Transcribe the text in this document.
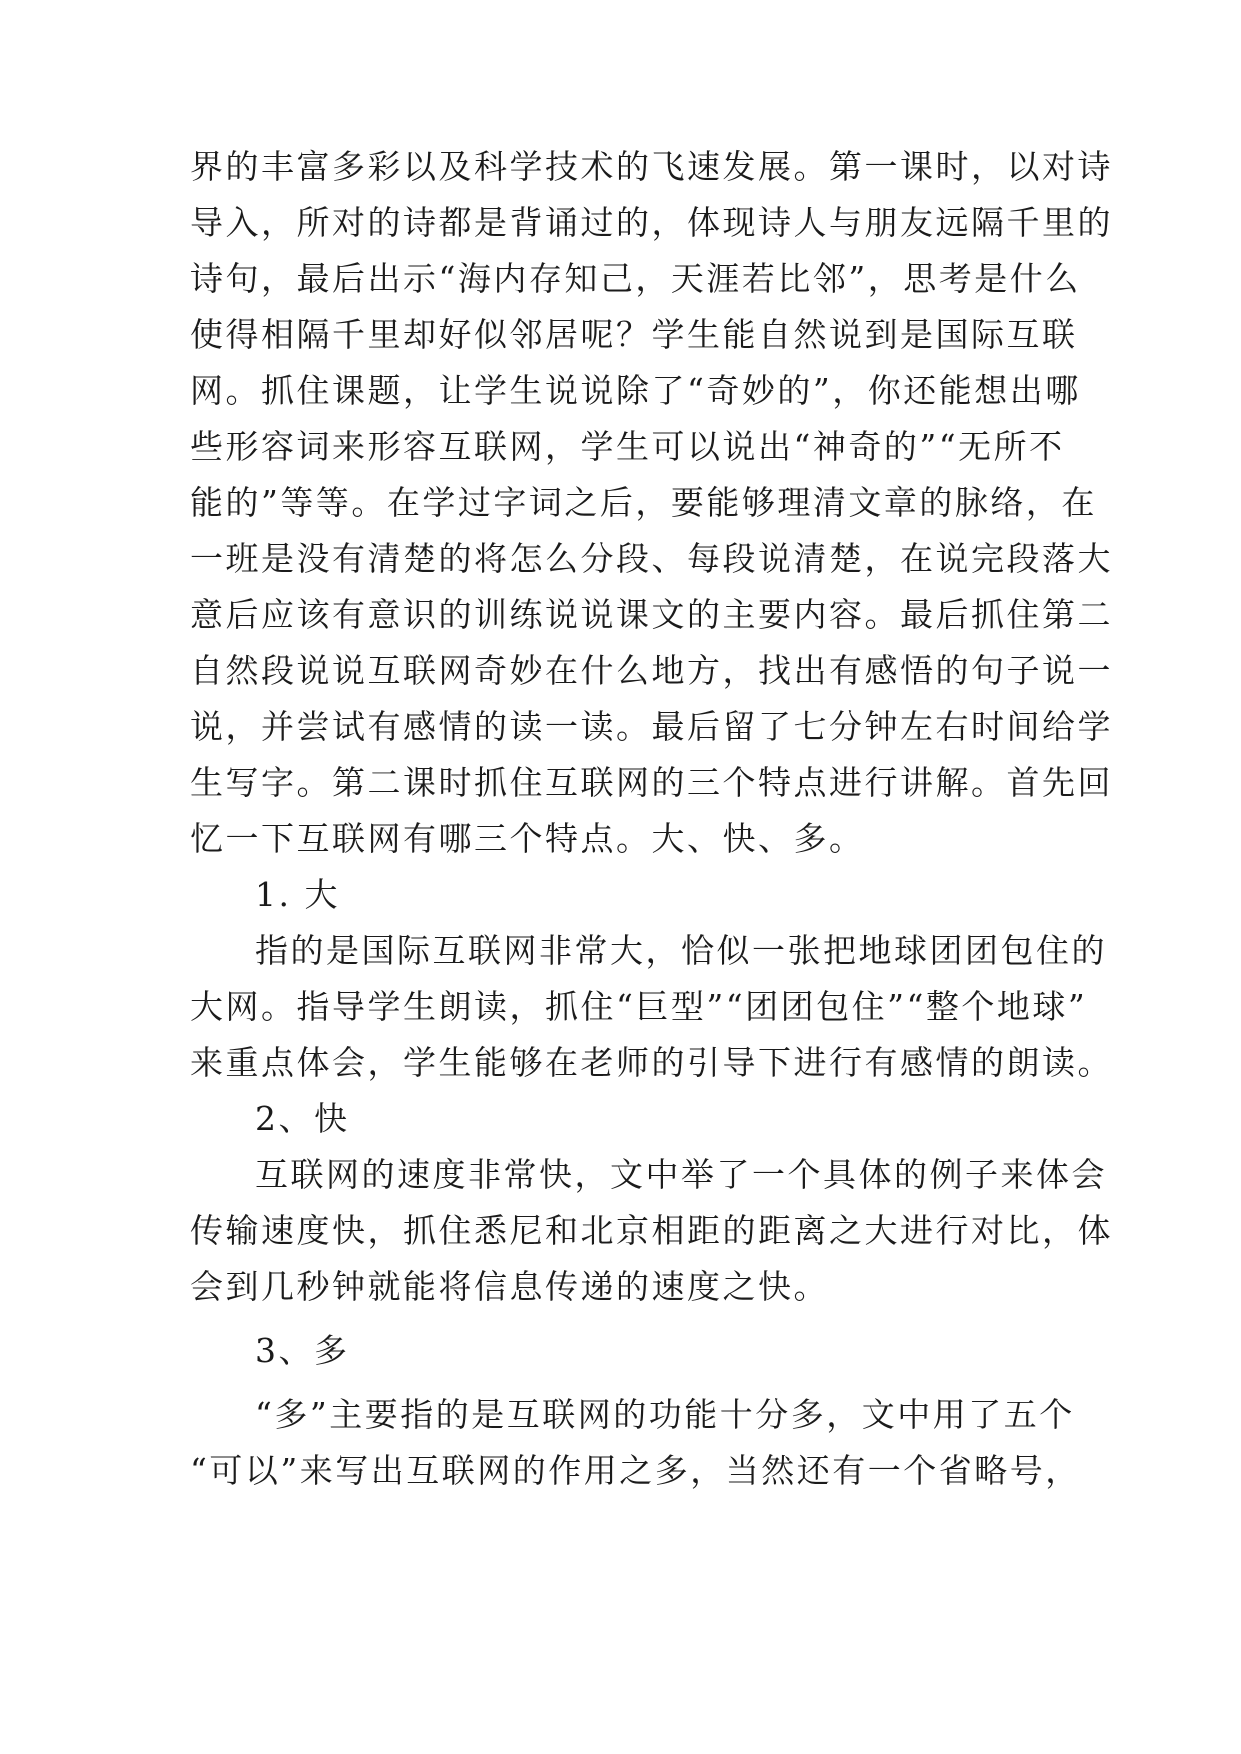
界的丰富多彩以及科学技术的飞速发展。第一课时，以对诗
导入，所对的诗都是背诵过的，体现诗人与朋友远隔千里的
诗句，最后出示“海内存知己，天涯若比邻”，思考是什么
使得相隔千里却好似邻居呢？学生能自然说到是国际互联
网。抓住课题，让学生说说除了“奇妙的”，你还能想出哪
些形容词来形容互联网，学生可以说出“神奇的”“无所不
能的”等等。在学过字词之后，要能够理清文章的脉络，在
一班是没有清楚的将怎么分段、每段说清楚，在说完段落大
意后应该有意识的训练说说课文的主要内容。最后抓住第二
自然段说说互联网奇妙在什么地方，找出有感悟的句子说一
说，并尝试有感情的读一读。最后留了七分钟左右时间给学
生写字。第二课时抓住互联网的三个特点进行讲解。首先回
忆一下互联网有哪三个特点。大、快、多。
1. 大
指的是国际互联网非常大，恰似一张把地球团团包住的
大网。指导学生朗读，抓住“巨型”“团团包住”“整个地球”
来重点体会，学生能够在老师的引导下进行有感情的朗读。
2、快
互联网的速度非常快，文中举了一个具体的例子来体会
传输速度快，抓住悉尼和北京相距的距离之大进行对比，体
会到几秒钟就能将信息传递的速度之快。
3、多
“多”主要指的是互联网的功能十分多，文中用了五个
“可以”来写出互联网的作用之多，当然还有一个省略号，
